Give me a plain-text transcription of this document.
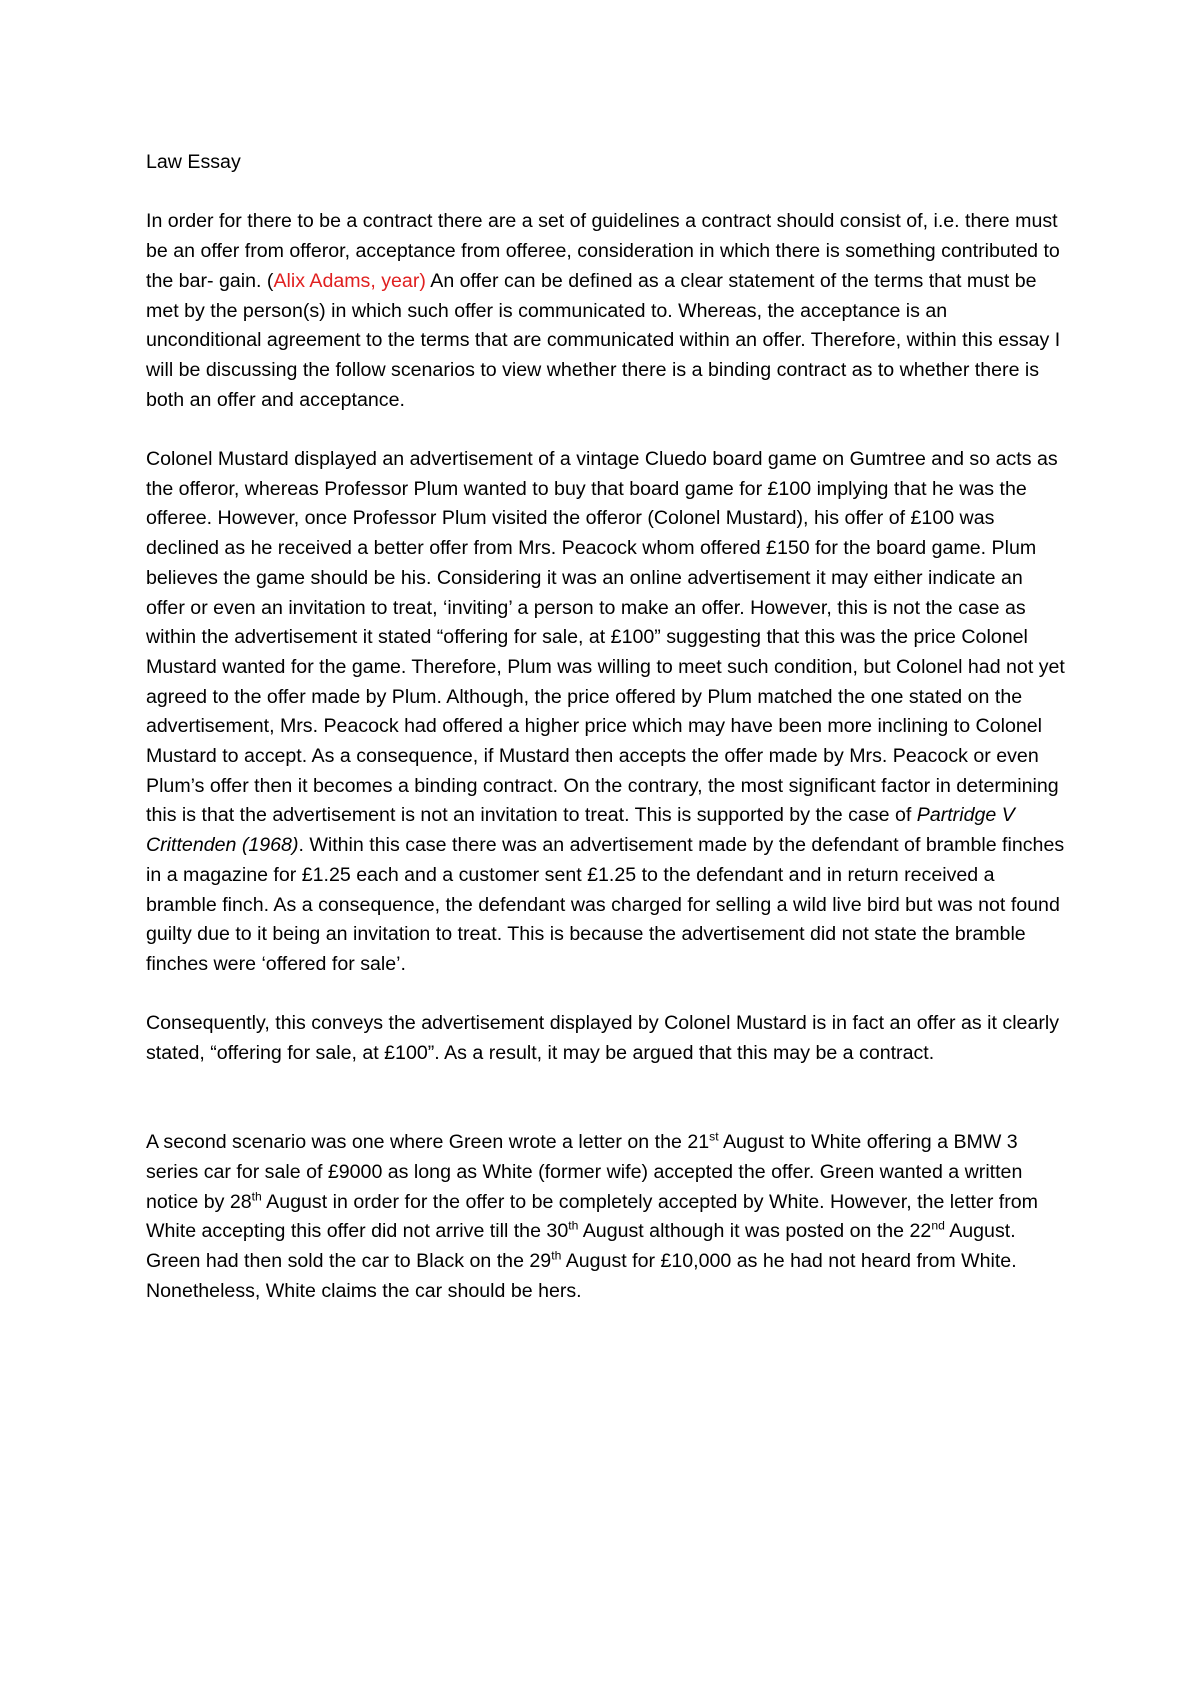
Law Essay

In order for there to be a contract there are a set of guidelines a contract should consist of, i.e. there must be an offer from offeror, acceptance from offeree, consideration in which there is something contributed to the bar- gain. (Alix Adams, year) An offer can be defined as a clear statement of the terms that must be met by the person(s) in which such offer is communicated to. Whereas, the acceptance is an unconditional agreement to the terms that are communicated within an offer. Therefore, within this essay I will be discussing the follow scenarios to view whether there is a binding contract as to whether there is both an offer and acceptance.

Colonel Mustard displayed an advertisement of a vintage Cluedo board game on Gumtree and so acts as the offeror, whereas Professor Plum wanted to buy that board game for £100 implying that he was the offeree. However, once Professor Plum visited the offeror (Colonel Mustard), his offer of £100 was declined as he received a better offer from Mrs. Peacock whom offered £150 for the board game. Plum believes the game should be his. Considering it was an online advertisement it may either indicate an offer or even an invitation to treat, ‘inviting’ a person to make an offer. However, this is not the case as within the advertisement it stated “offering for sale, at £100” suggesting that this was the price Colonel Mustard wanted for the game. Therefore, Plum was willing to meet such condition, but Colonel had not yet agreed to the offer made by Plum. Although, the price offered by Plum matched the one stated on the advertisement, Mrs. Peacock had offered a higher price which may have been more inclining to Colonel Mustard to accept. As a consequence, if Mustard then accepts the offer made by Mrs. Peacock or even Plum’s offer then it becomes a binding contract. On the contrary, the most significant factor in determining this is that the advertisement is not an invitation to treat. This is supported by the case of Partridge V Crittenden (1968). Within this case there was an advertisement made by the defendant of bramble finches in a magazine for £1.25 each and a customer sent £1.25 to the defendant and in return received a bramble finch. As a consequence, the defendant was charged for selling a wild live bird but was not found guilty due to it being an invitation to treat. This is because the advertisement did not state the bramble finches were ‘offered for sale’.

Consequently, this conveys the advertisement displayed by Colonel Mustard is in fact an offer as it clearly stated, “offering for sale, at £100”. As a result, it may be argued that this may be a contract.

A second scenario was one where Green wrote a letter on the 21st August to White offering a BMW 3 series car for sale of £9000 as long as White (former wife) accepted the offer. Green wanted a written notice by 28th August in order for the offer to be completely accepted by White. However, the letter from White accepting this offer did not arrive till the 30th August although it was posted on the 22nd August. Green had then sold the car to Black on the 29th August for £10,000 as he had not heard from White. Nonetheless, White claims the car should be hers.
